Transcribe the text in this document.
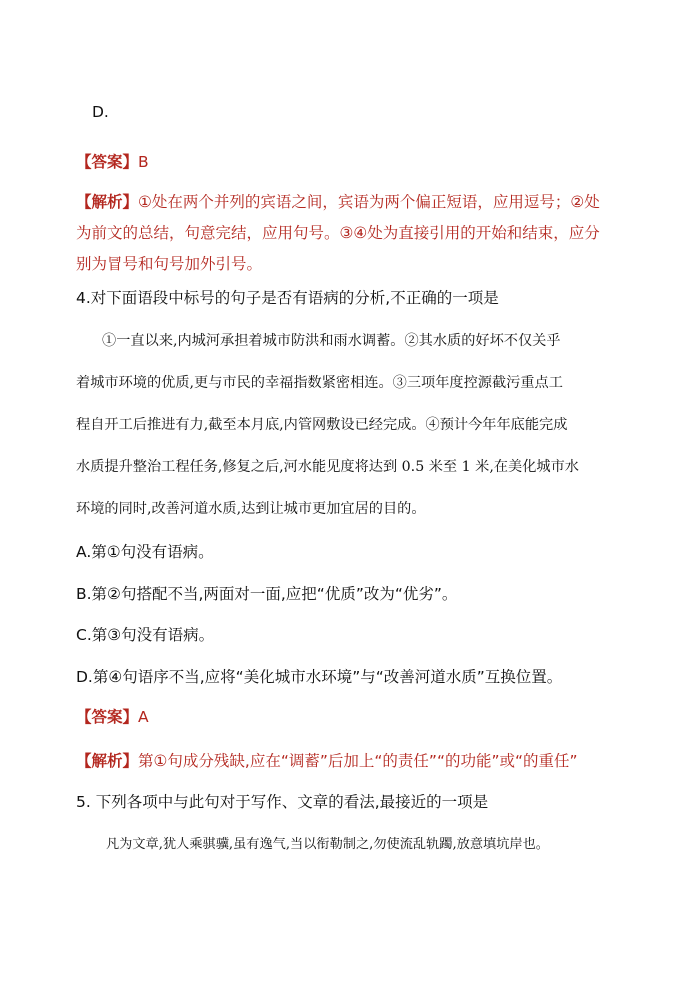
D.
【答案】B
【解析】①处在两个并列的宾语之间，宾语为两个偏正短语，应用逗号；②处
为前文的总结，句意完结，应用句号。③④处为直接引用的开始和结束，应分
别为冒号和句号加外引号。
4.对下面语段中标号的句子是否有语病的分析,不正确的一项是
①一直以来,内城河承担着城市防洪和雨水调蓄。②其水质的好坏不仅关乎
着城市环境的优质,更与市民的幸福指数紧密相连。③三项年度控源截污重点工
程自开工后推进有力,截至本月底,内管网敷设已经完成。④预计今年年底能完成
水质提升整治工程任务,修复之后,河水能见度将达到 0.5 米至 1 米,在美化城市水
环境的同时,改善河道水质,达到让城市更加宜居的目的。
A.第①句没有语病。
B.第②句搭配不当,两面对一面,应把“优质”改为“优劣”。
C.第③句没有语病。
D.第④句语序不当,应将“美化城市水环境”与“改善河道水质”互换位置。
【答案】A
【解析】第①句成分残缺,应在“调蓄”后加上“的责任”“的功能”或“的重任”
5. 下列各项中与此句对于写作、文章的看法,最接近的一项是
凡为文章,犹人乘骐骥,虽有逸气,当以衔勒制之,勿使流乱轨躅,放意填坑岸也。
